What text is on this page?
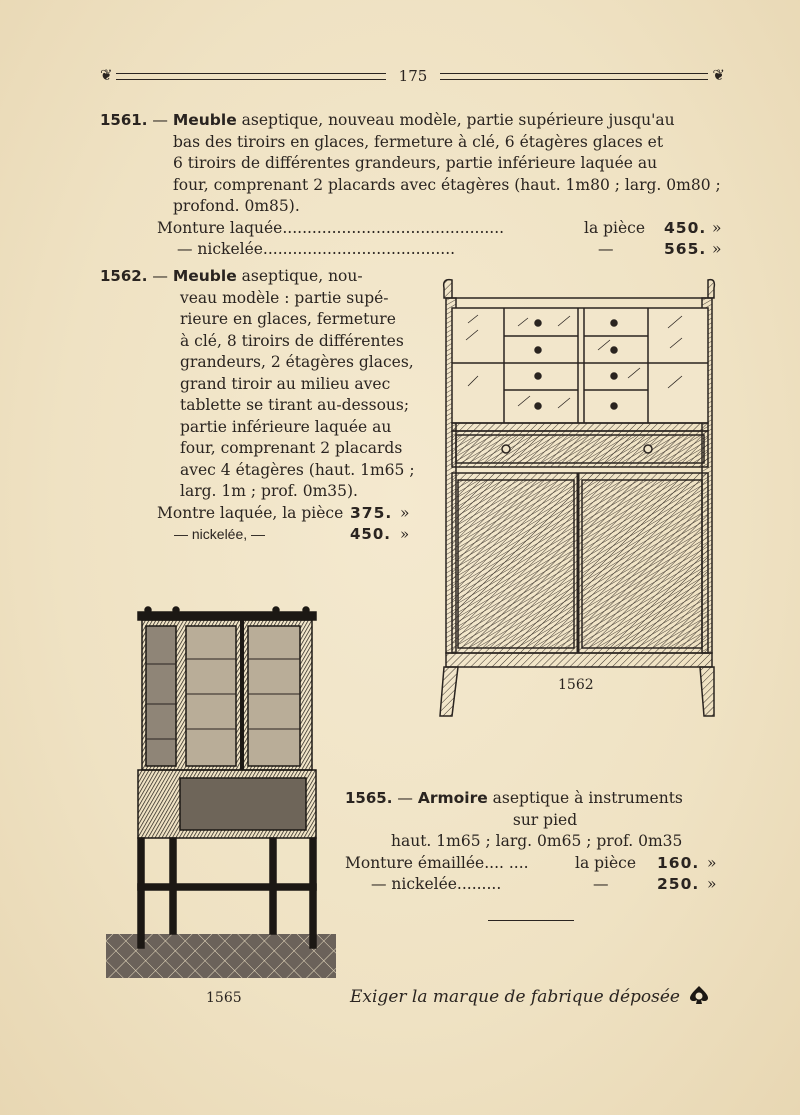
❦	175	❦
1561. — Meuble aseptique, nouveau modèle, partie supérieure jusqu'au
bas des tiroirs en glaces, fermeture à clé, 6 étagères glaces et
6 tiroirs de différentes grandeurs, partie inférieure laquée au
four, comprenant 2 placards avec étagères (haut. 1m80 ; larg. 0m80 ;
profond. 0m85).
Monture laquée.............................................	la pièce 450. »
— nickelée.......................................	—	565. »
1562. — Meuble aseptique, nou-
veau modèle : partie supé-
rieure en glaces, fermeture
à clé, 8 tiroirs de différentes
grandeurs, 2 étagères glaces,
grand tiroir au milieu avec
tablette se tirant au-dessous;
partie inférieure laquée au
four, comprenant 2 placards
avec 4 étagères (haut. 1m65 ;
larg. 1m ; prof. 0m35).
Montre laquée, la pièce 375. »
— nickelée, —	450. »
1562
1565
1565. — Armoire aseptique à instruments
sur pied
haut. 1m65 ; larg. 0m65 ; prof. 0m35
Monture émaillée.... ....	la pièce 160. »
— nickelée.........	—	250. »
Exiger la marque de fabrique déposée
